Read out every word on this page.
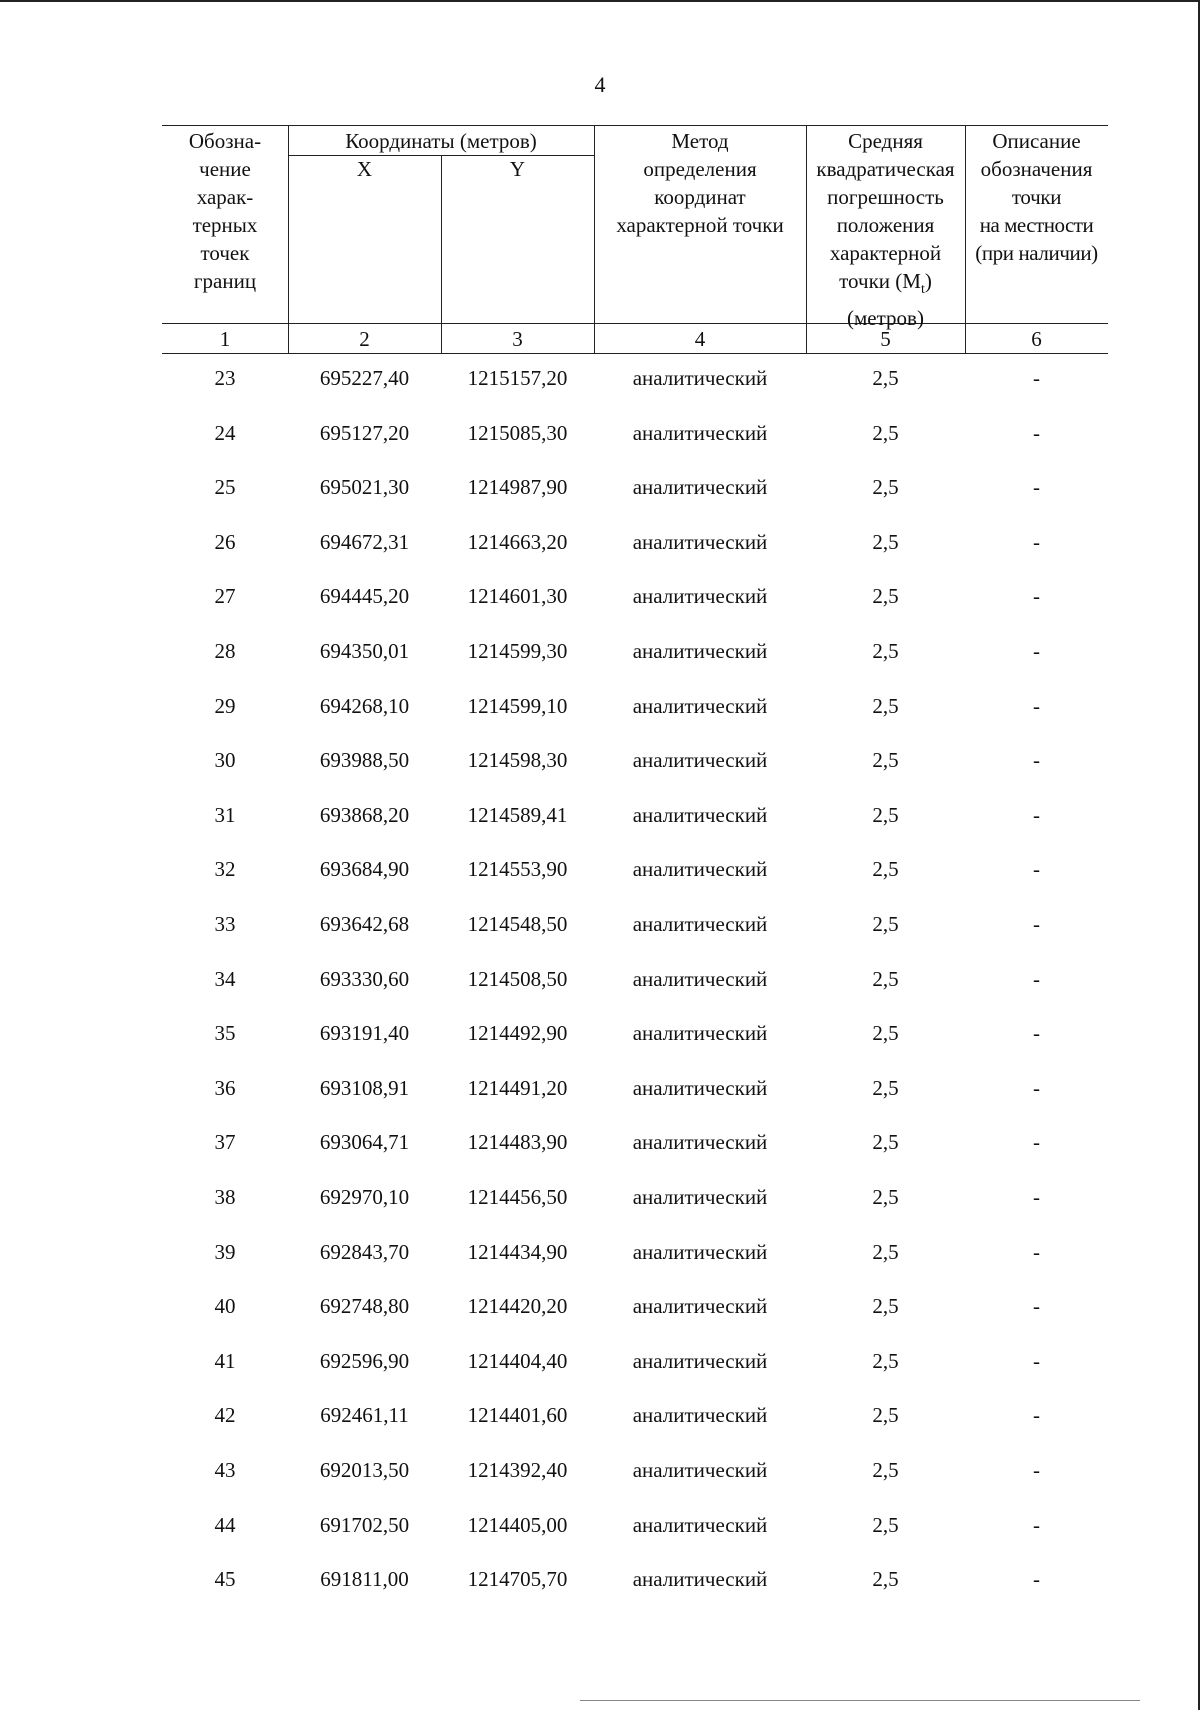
4
Обозна-
чение
харак-
терных
точек
границ
Координаты (метров)
X	Y
Метод
определения
координат
характерной точки
Средняя
квадратическая
погрешность
положения
характерной
точки $(M_t)$
(метров)
Описание
обозначения
точки
на местности
(при наличии)
1	2	3	4	5	6
23	695227,40	1215157,20	аналитический	2,5	-
24	695127,20	1215085,30	аналитический	2,5	-
25	695021,30	1214987,90	аналитический	2,5	-
26	694672,31	1214663,20	аналитический	2,5	-
27	694445,20	1214601,30	аналитический	2,5	-
28	694350,01	1214599,30	аналитический	2,5	-
29	694268,10	1214599,10	аналитический	2,5	-
30	693988,50	1214598,30	аналитический	2,5	-
31	693868,20	1214589,41	аналитический	2,5	-
32	693684,90	1214553,90	аналитический	2,5	-
33	693642,68	1214548,50	аналитический	2,5	-
34	693330,60	1214508,50	аналитический	2,5	-
35	693191,40	1214492,90	аналитический	2,5	-
36	693108,91	1214491,20	аналитический	2,5	-
37	693064,71	1214483,90	аналитический	2,5	-
38	692970,10	1214456,50	аналитический	2,5	-
39	692843,70	1214434,90	аналитический	2,5	-
40	692748,80	1214420,20	аналитический	2,5	-
41	692596,90	1214404,40	аналитический	2,5	-
42	692461,11	1214401,60	аналитический	2,5	-
43	692013,50	1214392,40	аналитический	2,5	-
44	691702,50	1214405,00	аналитический	2,5	-
45	691811,00	1214705,70	аналитический	2,5	-
